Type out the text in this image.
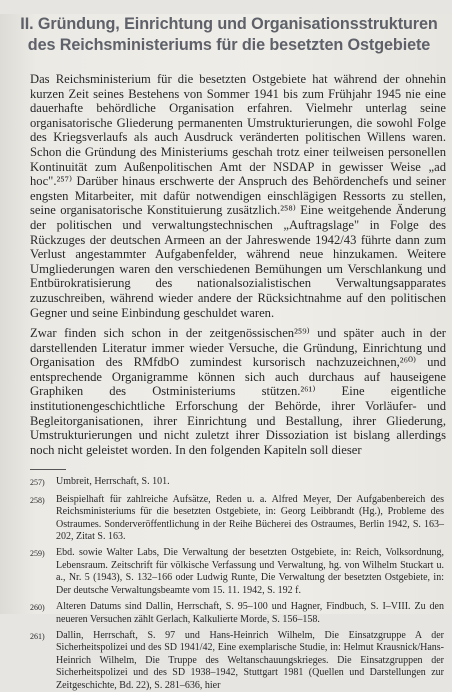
II. Gründung, Einrichtung und Organisationsstrukturen
des Reichsministeriums für die besetzten Ostgebiete

Das Reichsministerium für die besetzten Ostgebiete hat während der ohnehin kurzen Zeit seines Bestehens von Sommer 1941 bis zum Frühjahr 1945 nie eine dauerhafte behördliche Organisation erfahren. Vielmehr unterlag seine organisatorische Gliederung permanenten Umstrukturierungen, die sowohl Folge des Kriegsverlaufs als auch Ausdruck veränderten politischen Willens waren. Schon die Gründung des Ministeriums geschah trotz einer teilweisen personellen Kontinuität zum Außenpolitischen Amt der NSDAP in gewisser Weise „ad hoc".²⁵⁷⁾ Darüber hinaus erschwerte der Anspruch des Behördenchefs und seiner engsten Mitarbeiter, mit dafür notwendigen einschlägigen Ressorts zu stellen, seine organisatorische Konstituierung zusätzlich.²⁵⁸⁾ Eine weitgehende Änderung der politischen und verwaltungstechnischen „Auftragslage" in Folge des Rückzuges der deutschen Armeen an der Jahreswende 1942/43 führte dann zum Verlust angestammter Aufgabenfelder, während neue hinzukamen. Weitere Umgliederungen waren den verschiedenen Bemühungen um Verschlankung und Entbürokratisierung des nationalsozialistischen Verwaltungsapparates zuzuschreiben, während wieder andere der Rücksichtnahme auf den politischen Gegner und seine Einbindung geschuldet waren.

Zwar finden sich schon in der zeitgenössischen²⁵⁹⁾ und später auch in der darstellenden Literatur immer wieder Versuche, die Gründung, Einrichtung und Organisation des RMfdbO zumindest kursorisch nachzuzeichnen,²⁶⁰⁾ und entsprechende Organigramme können sich auch durchaus auf hauseigene Graphiken des Ostministeriums stützen.²⁶¹⁾ Eine eigentliche institutionengeschichtliche Erforschung der Behörde, ihrer Vorläufer- und Begleitorganisationen, ihrer Einrichtung und Bestallung, ihrer Gliederung, Umstrukturierungen und nicht zuletzt ihrer Dissoziation ist bislang allerdings noch nicht geleistet worden. In den folgenden Kapiteln soll dieser

257)	Umbreit, Herrschaft, S. 101.
258)	Beispielhaft für zahlreiche Aufsätze, Reden u. a. Alfred Meyer, Der Aufgabenbereich des Reichsministeriums für die besetzten Ostgebiete, in: Georg Leibbrandt (Hg.), Probleme des Ostraumes. Sonderveröffentlichung in der Reihe Bücherei des Ostraumes, Berlin 1942, S. 163–202, Zitat S. 163.
259)	Ebd. sowie Walter Labs, Die Verwaltung der besetzten Ostgebiete, in: Reich, Volksordnung, Lebensraum. Zeitschrift für völkische Verfassung und Verwaltung, hg. von Wilhelm Stuckart u. a., Nr. 5 (1943), S. 132–166 oder Ludwig Runte, Die Verwaltung der besetzten Ostgebiete, in: Der deutsche Verwaltungsbeamte vom 15. 11. 1942, S. 192 f.
260)	Alteren Datums sind Dallin, Herrschaft, S. 95–100 und Hagner, Findbuch, S. I–VIII. Zu den neueren Versuchen zählt Gerlach, Kalkulierte Morde, S. 156–158.
261)	Dallin, Herrschaft, S. 97 und Hans-Heinrich Wilhelm, Die Einsatzgruppe A der Sicherheitspolizei und des SD 1941/42, Eine exemplarische Studie, in: Helmut Krausnick/Hans-Heinrich Wilhelm, Die Truppe des Weltanschauungskrieges. Die Einsatzgruppen der Sicherheitspolizei und des SD 1938–1942, Stuttgart 1981 (Quellen und Darstellungen zur Zeitgeschichte, Bd. 22), S. 281–636, hier
